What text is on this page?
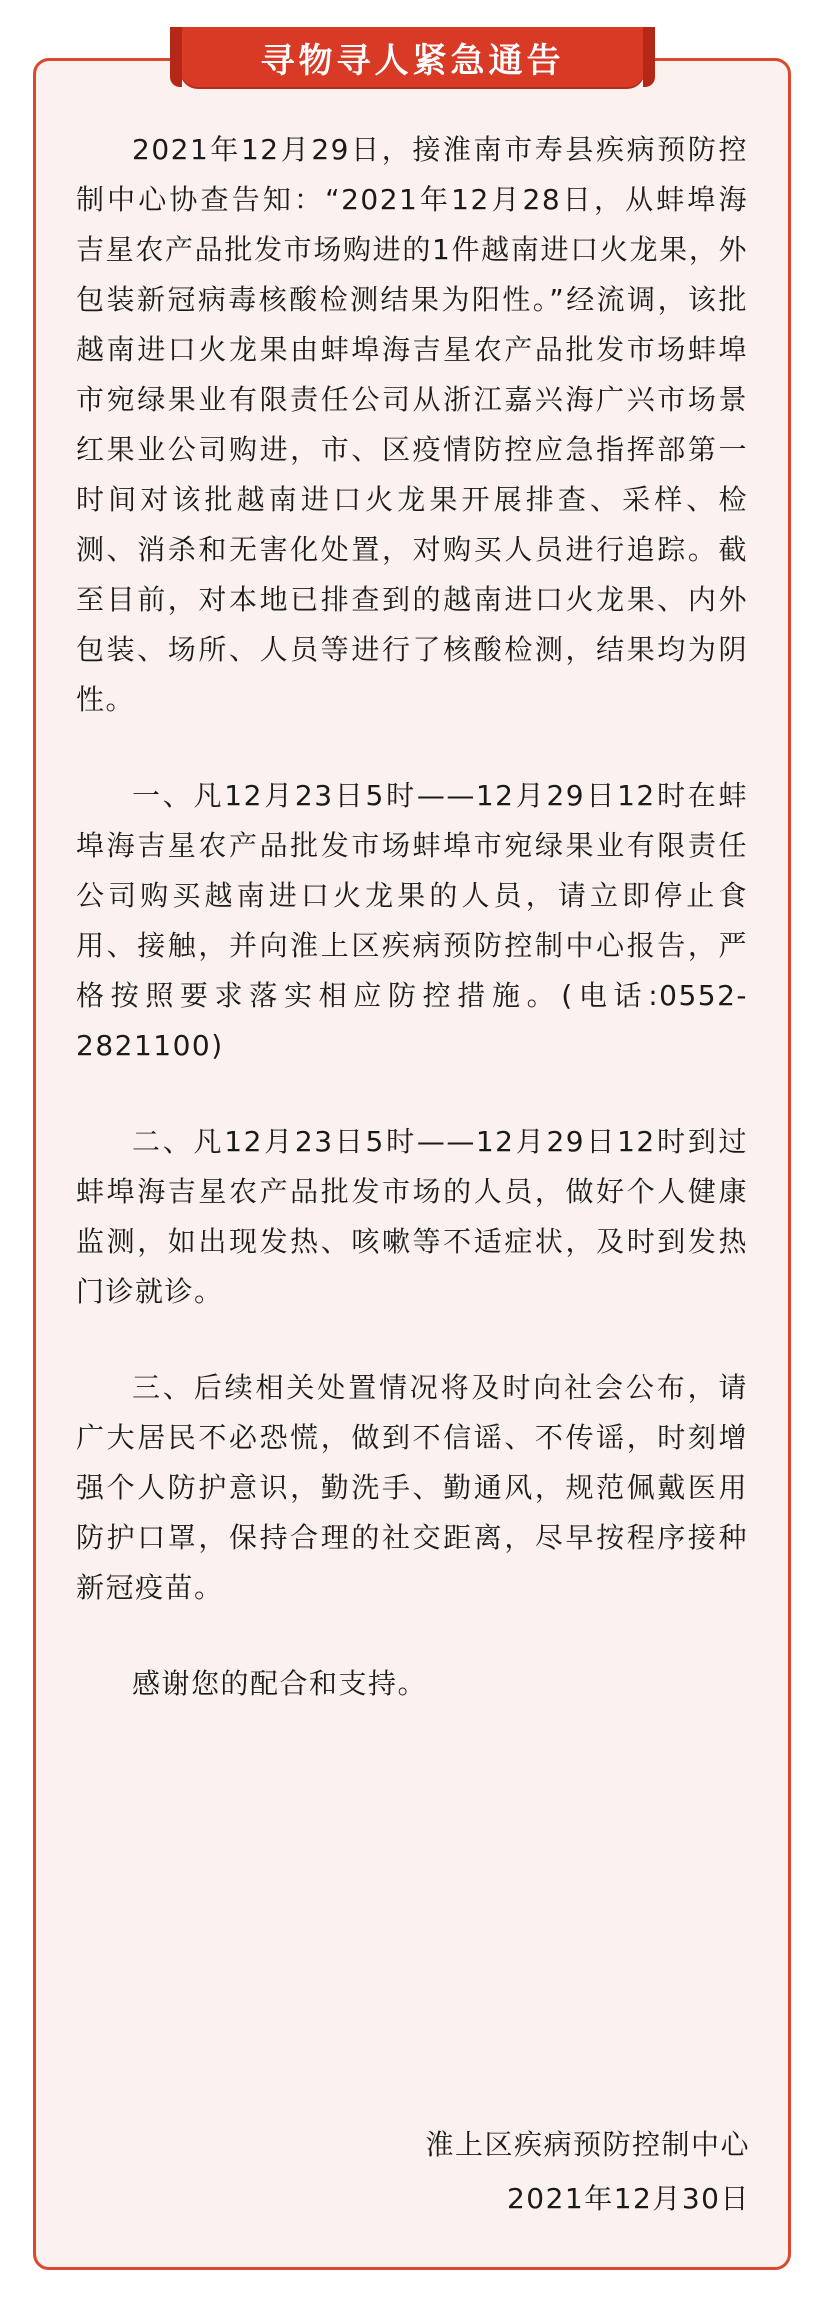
寻物寻人紧急通告

2021年12月29日，接淮南市寿县疾病预防控制中心协查告知：“2021年12月28日，从蚌埠海吉星农产品批发市场购进的1件越南进口火龙果，外包装新冠病毒核酸检测结果为阳性。”经流调，该批越南进口火龙果由蚌埠海吉星农产品批发市场蚌埠市宛绿果业有限责任公司从浙江嘉兴海广兴市场景红果业公司购进，市、区疫情防控应急指挥部第一时间对该批越南进口火龙果开展排查、采样、检测、消杀和无害化处置，对购买人员进行追踪。截至目前，对本地已排查到的越南进口火龙果、内外包装、场所、人员等进行了核酸检测，结果均为阴性。

一、凡12月23日5时——12月29日12时在蚌埠海吉星农产品批发市场蚌埠市宛绿果业有限责任公司购买越南进口火龙果的人员，请立即停止食用、接触，并向淮上区疾病预防控制中心报告，严格按照要求落实相应防控措施。(电话:0552-2821100)

二、凡12月23日5时——12月29日12时到过蚌埠海吉星农产品批发市场的人员，做好个人健康监测，如出现发热、咳嗽等不适症状，及时到发热门诊就诊。

三、后续相关处置情况将及时向社会公布，请广大居民不必恐慌，做到不信谣、不传谣，时刻增强个人防护意识，勤洗手、勤通风，规范佩戴医用防护口罩，保持合理的社交距离，尽早按程序接种新冠疫苗。

感谢您的配合和支持。

淮上区疾病预防控制中心
2021年12月30日
